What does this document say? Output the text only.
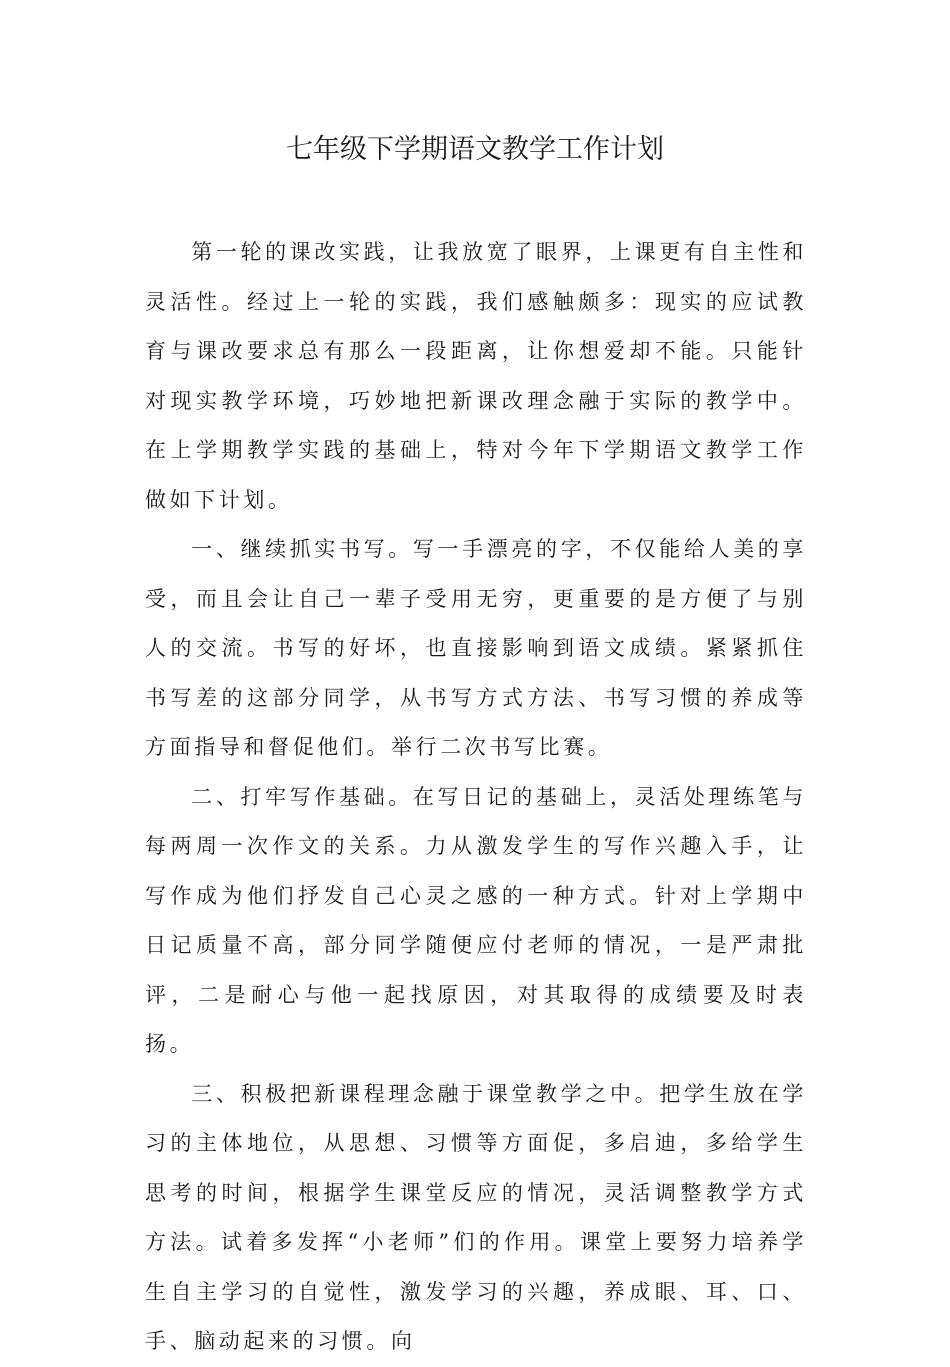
七年级下学期语文教学工作计划

第一轮的课改实践，让我放宽了眼界，上课更有自主性和灵活性。经过上一轮的实践，我们感触颇多：现实的应试教育与课改要求总有那么一段距离，让你想爱却不能。只能针对现实教学环境，巧妙地把新课改理念融于实际的教学中。在上学期教学实践的基础上，特对今年下学期语文教学工作做如下计划。

一、继续抓实书写。写一手漂亮的字，不仅能给人美的享受，而且会让自己一辈子受用无穷，更重要的是方便了与别人的交流。书写的好坏，也直接影响到语文成绩。紧紧抓住书写差的这部分同学，从书写方式方法、书写习惯的养成等方面指导和督促他们。举行二次书写比赛。

二、打牢写作基础。在写日记的基础上，灵活处理练笔与每两周一次作文的关系。力从激发学生的写作兴趣入手，让写作成为他们抒发自己心灵之感的一种方式。针对上学期中日记质量不高，部分同学随便应付老师的情况，一是严肃批评，二是耐心与他一起找原因，对其取得的成绩要及时表扬。

三、积极把新课程理念融于课堂教学之中。把学生放在学习的主体地位，从思想、习惯等方面促，多启迪，多给学生思考的时间，根据学生课堂反应的情况，灵活调整教学方式方法。试着多发挥“小老师”们的作用。课堂上要努力培养学生自主学习的自觉性，激发学习的兴趣，养成眼、耳、口、手、脑动起来的习惯。向
